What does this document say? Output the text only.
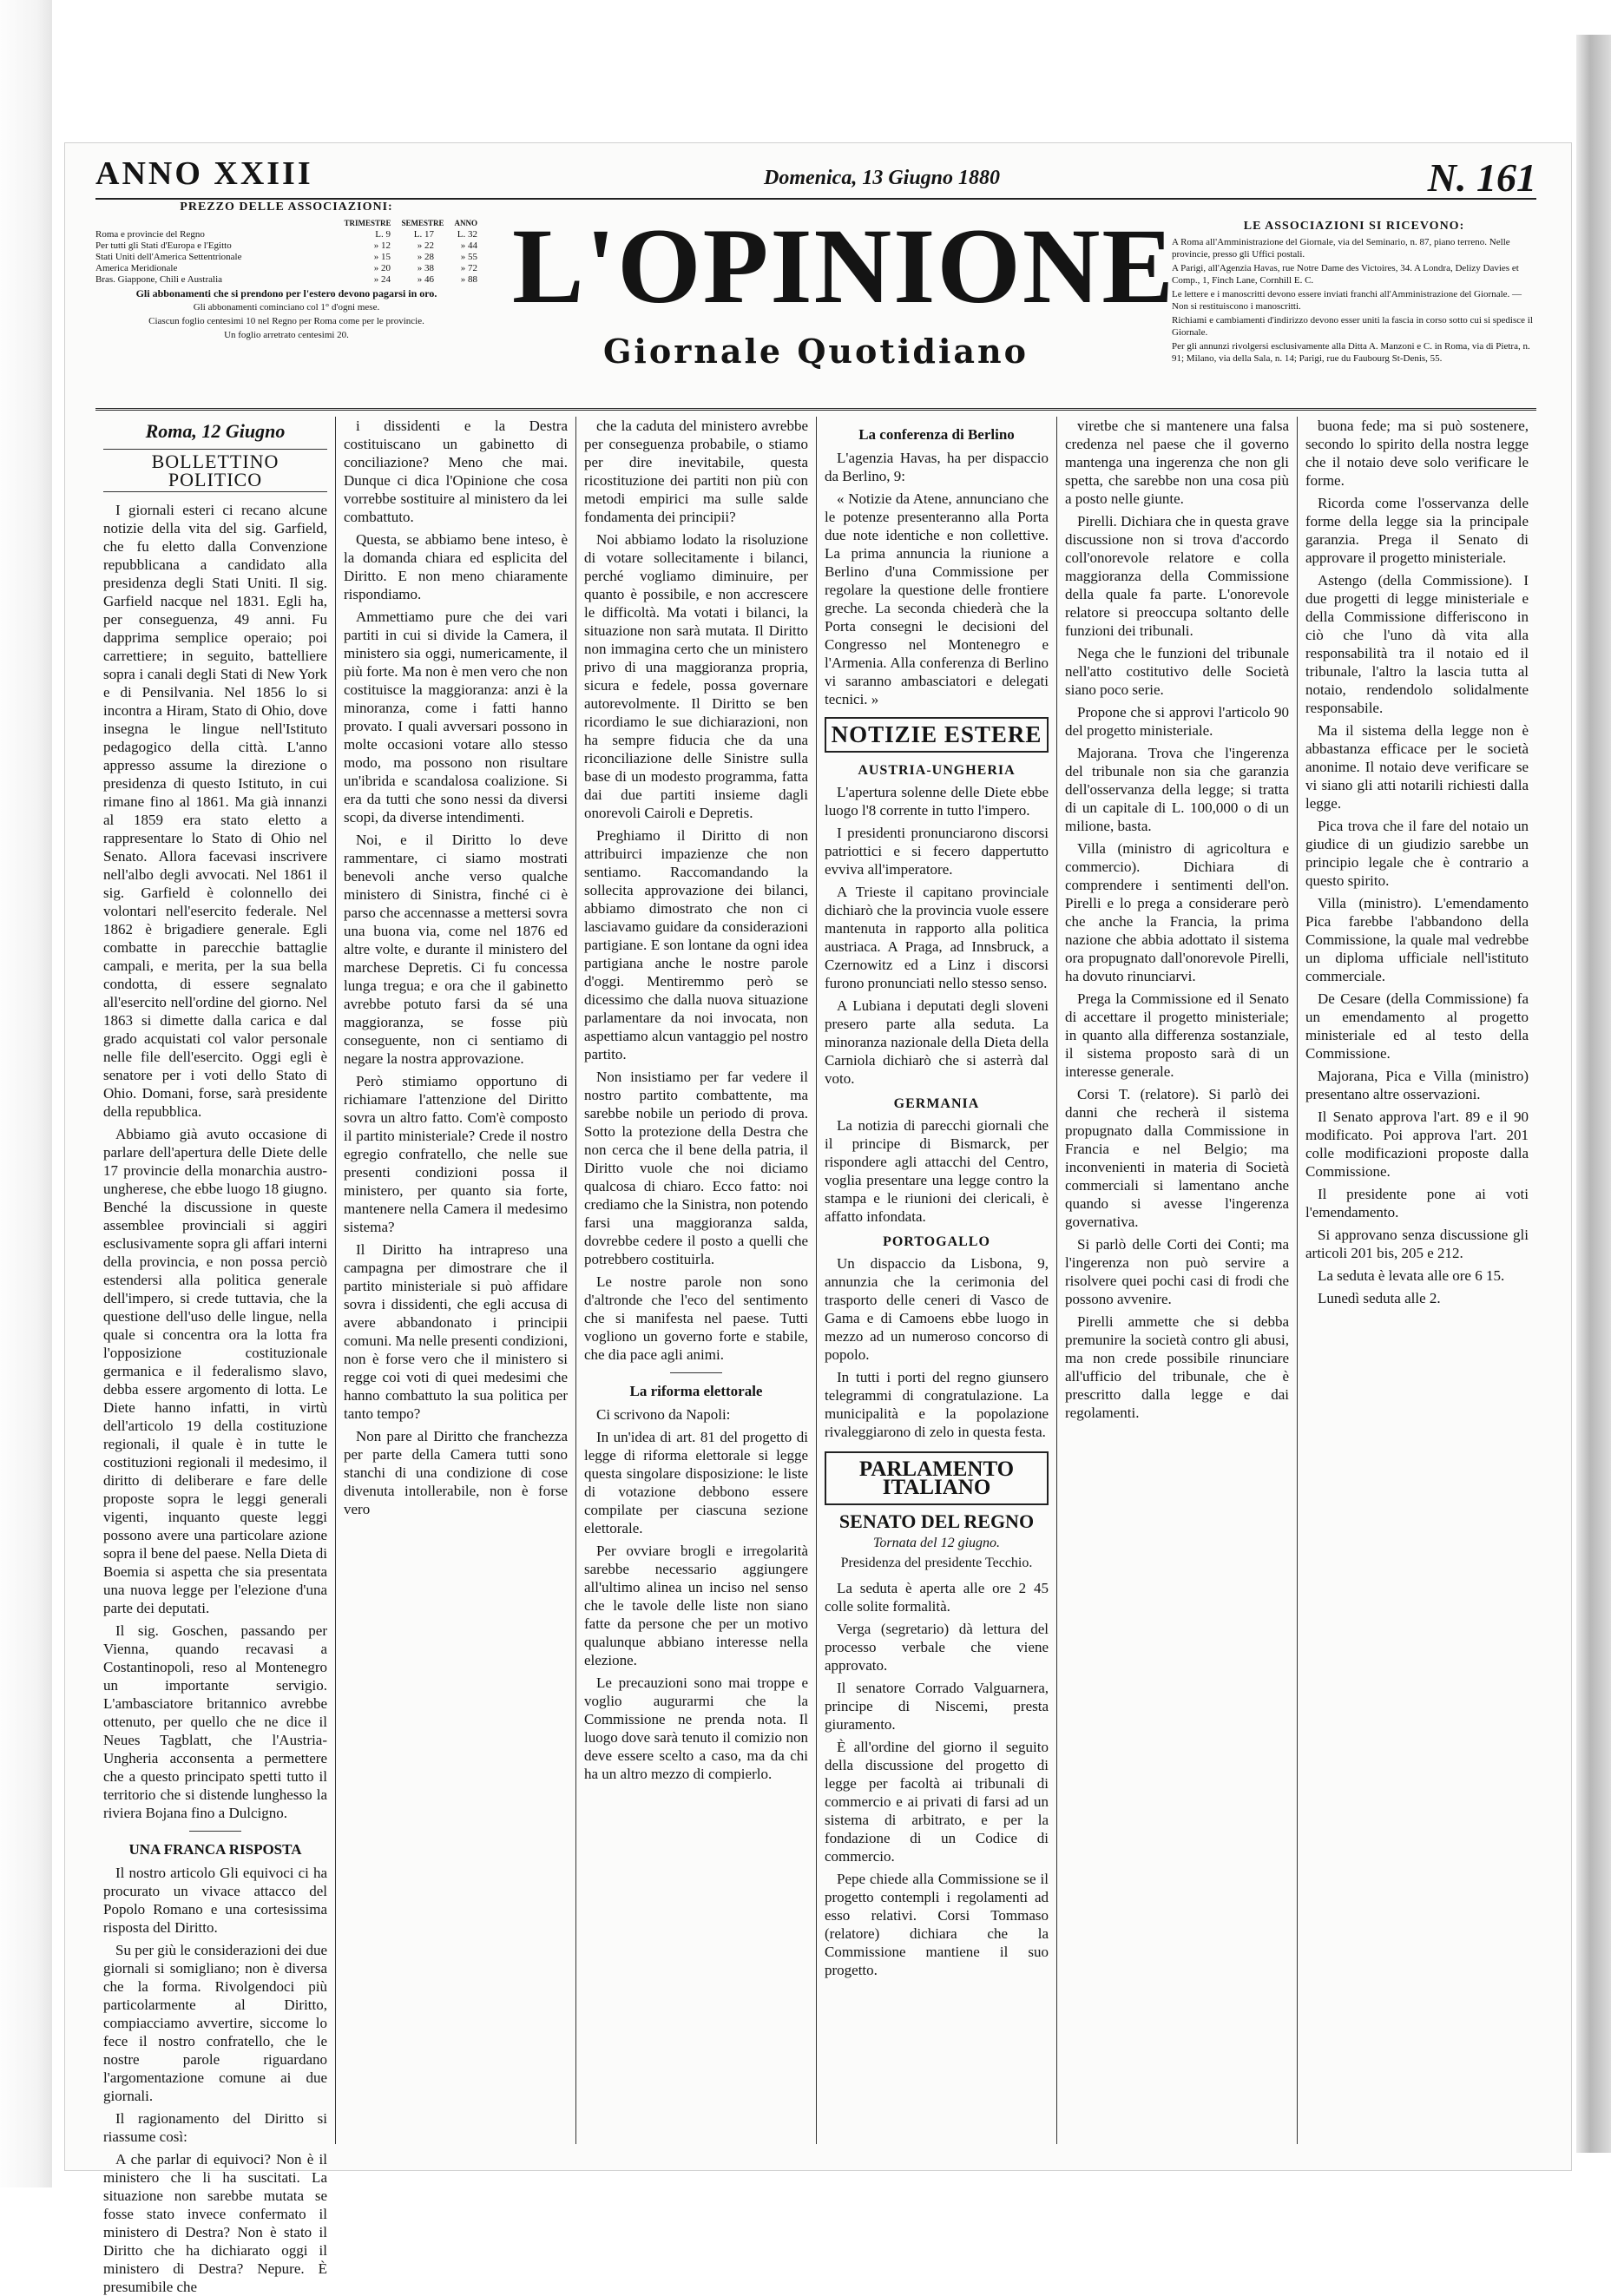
ANNO XXIII	Domenica, 13 Giugno 1880	N. 161
PREZZO DELLE ASSOCIAZIONI:
TRIMESTRE SEMESTRE ANNO
Roma e provincie del Regno	L. 9	L. 17	L. 32
Per tutti gli Stati d'Europa e l'Egitto	» 12	» 22	» 44
Stati Uniti dell'America Settentrionale	» 15	» 28	» 55
America Meridionale	» 20	» 38	» 72
Bras. Giappone, Chili e Australia	» 24	» 46	» 88

Gli abbonamenti che si prendono per l'estero devono pagarsi in oro.

Gli abbonamenti cominciano col 1° d'ogni mese.

Ciascun foglio centesimi 10 nel Regno per Roma come per le provincie.

Un foglio arretrato centesimi 20.

L'OPINIONE
Giornale Quotidiano
LE ASSOCIAZIONI SI RICEVONO:

A Roma all'Amministrazione del Giornale, via del Seminario, n. 87, piano terreno. Nelle provincie, presso gli Uffici postali.

A Parigi, all'Agenzia Havas, rue Notre Dame des Victoires, 34. A Londra, Delizy Davies et Comp., 1, Finch Lane, Cornhill E. C.

Le lettere e i manoscritti devono essere inviati franchi all'Amministrazione del Giornale. — Non si restituiscono i manoscritti.

Richiami e cambiamenti d'indirizzo devono esser uniti la fascia in corso sotto cui si spedisce il Giornale.

Per gli annunzi rivolgersi esclusivamente alla Ditta A. Manzoni e C. in Roma, via di Pietra, n. 91; Milano, via della Sala, n. 14; Parigi, rue du Faubourg St-Denis, 55.

Roma, 12 Giugno

BOLLETTINO POLITICO

I giornali esteri ci recano alcune notizie della vita del sig. Garfield, che fu eletto dalla Convenzione repubblicana a candidato alla presidenza degli Stati Uniti. Il sig. Garfield nacque nel 1831. Egli ha, per conseguenza, 49 anni. Fu dapprima semplice operaio; poi carrettiere; in seguito, battelliere sopra i canali degli Stati di New York e di Pensilvania. Nel 1856 lo si incontra a Hiram, Stato di Ohio, dove insegna le lingue nell'Istituto pedagogico della città. L'anno appresso assume la direzione o presidenza di questo Istituto, in cui rimane fino al 1861. Ma già innanzi al 1859 era stato eletto a rappresentare lo Stato di Ohio nel Senato. Allora facevasi inscrivere nell'albo degli avvocati. Nel 1861 il sig. Garfield è colonnello dei volontari nell'esercito federale. Nel 1862 è brigadiere generale. Egli combatte in parecchie battaglie campali, e merita, per la sua bella condotta, di essere segnalato all'esercito nell'ordine del giorno. Nel 1863 si dimette dalla carica e dal grado acquistati col valor personale nelle file dell'esercito. Oggi egli è senatore per i voti dello Stato di Ohio. Domani, forse, sarà presidente della repubblica.

Abbiamo già avuto occasione di parlare dell'apertura delle Diete delle 17 provincie della monarchia austro-ungherese, che ebbe luogo 18 giugno. Benché la discussione in queste assemblee provinciali si aggiri esclusivamente sopra gli affari interni della provincia, e non possa perciò estendersi alla politica generale dell'impero, si crede tuttavia, che la questione dell'uso delle lingue, nella quale si concentra ora la lotta fra l'opposizione costituzionale germanica e il federalismo slavo, debba essere argomento di lotta. Le Diete hanno infatti, in virtù dell'articolo 19 della costituzione regionali, il quale è in tutte le costituzioni regionali il medesimo, il diritto di deliberare e fare delle proposte sopra le leggi generali vigenti, inquanto queste leggi possono avere una particolare azione sopra il bene del paese. Nella Dieta di Boemia si aspetta che sia presentata una nuova legge per l'elezione d'una parte dei deputati.

Il sig. Goschen, passando per Vienna, quando recavasi a Costantinopoli, reso al Montenegro un importante servigio. L'ambasciatore britannico avrebbe ottenuto, per quello che ne dice il Neues Tagblatt, che l'Austria-Ungheria acconsenta a permettere che a questo principato spetti tutto il territorio che si distende lunghesso la riviera Bojana fino a Dulcigno.

UNA FRANCA RISPOSTA

Il nostro articolo Gli equivoci ci ha procurato un vivace attacco del Popolo Romano e una cortesissima risposta del Diritto.

Su per giù le considerazioni dei due giornali si somigliano; non è diversa che la forma. Rivolgendoci più particolarmente al Diritto, compiacciamo avvertire, siccome lo fece il nostro confratello, che le nostre parole riguardano l'argomentazione comune ai due giornali.

Il ragionamento del Diritto si riassume così:

A che parlar di equivoci? Non è il ministero che li ha suscitati. La situazione non sarebbe mutata se fosse stato invece confermato il ministero di Destra? Non è stato il Diritto che ha dichiarato oggi il ministero di Destra? Nepure. È presumibile che

i dissidenti e la Destra costituiscano un gabinetto di conciliazione? Meno che mai. Dunque ci dica l'Opinione che cosa vorrebbe sostituire al ministero da lei combattuto.

Questa, se abbiamo bene inteso, è la domanda chiara ed esplicita del Diritto. E non meno chiaramente rispondiamo.

Ammettiamo pure che dei vari partiti in cui si divide la Camera, il ministero sia oggi, numericamente, il più forte. Ma non è men vero che non costituisce la maggioranza: anzi è la minoranza, come i fatti hanno provato. I quali avversari possono in molte occasioni votare allo stesso modo, ma possono non risultare un'ibrida e scandalosa coalizione. Si era da tutti che sono nessi da diversi scopi, da diverse intendimenti.

Noi, e il Diritto lo deve rammentare, ci siamo mostrati benevoli anche verso qualche ministero di Sinistra, finché ci è parso che accennasse a mettersi sovra una buona via, come nel 1876 ed altre volte, e durante il ministero del marchese Depretis. Ci fu concessa lunga tregua; e ora che il gabinetto avrebbe potuto farsi da sé una maggioranza, se fosse più conseguente, non ci sentiamo di negare la nostra approvazione.

Però stimiamo opportuno di richiamare l'attenzione del Diritto sovra un altro fatto. Com'è composto il partito ministeriale? Crede il nostro egregio confratello, che nelle sue presenti condizioni possa il ministero, per quanto sia forte, mantenere nella Camera il medesimo sistema?

Il Diritto ha intrapreso una campagna per dimostrare che il partito ministeriale si può affidare sovra i dissidenti, che egli accusa di avere abbandonato i principii comuni. Ma nelle presenti condizioni, non è forse vero che il ministero si regge coi voti di quei medesimi che hanno combattuto la sua politica per tanto tempo?

Non pare al Diritto che franchezza per parte della Camera tutti sono stanchi di una condizione di cose divenuta intollerabile, non è forse vero

che la caduta del ministero avrebbe per conseguenza probabile, o stiamo per dire inevitabile, questa ricostituzione dei partiti non più con metodi empirici ma sulle salde fondamenta dei principii?

Noi abbiamo lodato la risoluzione di votare sollecitamente i bilanci, perché vogliamo diminuire, per quanto è possibile, e non accrescere le difficoltà. Ma votati i bilanci, la situazione non sarà mutata. Il Diritto non immagina certo che un ministero privo di una maggioranza propria, sicura e fedele, possa governare autorevolmente. Il Diritto se ben ricordiamo le sue dichiarazioni, non ha sempre fiducia che da una riconciliazione delle Sinistre sulla base di un modesto programma, fatta dai due partiti insieme dagli onorevoli Cairoli e Depretis.

Preghiamo il Diritto di non attribuirci impazienze che non sentiamo. Raccomandando la sollecita approvazione dei bilanci, abbiamo dimostrato che non ci lasciavamo guidare da considerazioni partigiane. E son lontane da ogni idea partigiana anche le nostre parole d'oggi. Mentiremmo però se dicessimo che dalla nuova situazione parlamentare da noi invocata, non aspettiamo alcun vantaggio pel nostro partito.

Non insistiamo per far vedere il nostro partito combattente, ma sarebbe nobile un periodo di prova. Sotto la protezione della Destra che non cerca che il bene della patria, il Diritto vuole che noi diciamo qualcosa di chiaro. Ecco fatto: noi crediamo che la Sinistra, non potendo farsi una maggioranza salda, dovrebbe cedere il posto a quelli che potrebbero costituirla.

Le nostre parole non sono d'altronde che l'eco del sentimento che si manifesta nel paese. Tutti vogliono un governo forte e stabile, che dia pace agli animi.

La riforma elettorale

Ci scrivono da Napoli:

In un'idea di art. 81 del progetto di legge di riforma elettorale si legge questa singolare disposizione: le liste di votazione debbono essere compilate per ciascuna sezione elettorale.

Per ovviare brogli e irregolarità sarebbe necessario aggiungere all'ultimo alinea un inciso nel senso che le tavole delle liste non siano fatte da persone che per un motivo qualunque abbiano interesse nella elezione.

Le precauzioni sono mai troppe e voglio augurarmi che la Commissione ne prenda nota. Il luogo dove sarà tenuto il comizio non deve essere scelto a caso, ma da chi ha un altro mezzo di compierlo.

La conferenza di Berlino

L'agenzia Havas, ha per dispaccio da Berlino, 9:

« Notizie da Atene, annunciano che le potenze presenteranno alla Porta due note identiche e non collettive. La prima annuncia la riunione a Berlino d'una Commissione per regolare la questione delle frontiere greche. La seconda chiederà che la Porta consegni le decisioni del Congresso nel Montenegro e l'Armenia. Alla conferenza di Berlino vi saranno ambasciatori e delegati tecnici. »

NOTIZIE ESTERE

AUSTRIA-UNGHERIA

L'apertura solenne delle Diete ebbe luogo l'8 corrente in tutto l'impero.

I presidenti pronunciarono discorsi patriottici e si fecero dappertutto evviva all'imperatore.

A Trieste il capitano provinciale dichiarò che la provincia vuole essere mantenuta in rapporto alla politica austriaca. A Praga, ad Innsbruck, a Czernowitz ed a Linz i discorsi furono pronunciati nello stesso senso.

A Lubiana i deputati degli sloveni presero parte alla seduta. La minoranza nazionale della Dieta della Carniola dichiarò che si asterrà dal voto.

GERMANIA

La notizia di parecchi giornali che il principe di Bismarck, per rispondere agli attacchi del Centro, voglia presentare una legge contro la stampa e le riunioni dei clericali, è affatto infondata.

PORTOGALLO

Un dispaccio da Lisbona, 9, annunzia che la cerimonia del trasporto delle ceneri di Vasco de Gama e di Camoens ebbe luogo in mezzo ad un numeroso concorso di popolo.

In tutti i porti del regno giunsero telegrammi di congratulazione. La municipalità e la popolazione rivaleggiarono di zelo in questa festa.

PARLAMENTO ITALIANO

SENATO DEL REGNO

Tornata del 12 giugno.

Presidenza del presidente Tecchio.

La seduta è aperta alle ore 2 45 colle solite formalità.

Verga (segretario) dà lettura del processo verbale che viene approvato.

Il senatore Corrado Valguarnera, principe di Niscemi, presta giuramento.

È all'ordine del giorno il seguito della discussione del progetto di legge per facoltà ai tribunali di commercio e ai privati di farsi ad un sistema di arbitrato, e per la fondazione di un Codice di commercio.

Pepe chiede alla Commissione se il progetto contempli i regolamenti ad esso relativi. Corsi Tommaso (relatore) dichiara che la Commissione mantiene il suo progetto.

viretbe che si mantenere una falsa credenza nel paese che il governo mantenga una ingerenza che non gli spetta, che sarebbe non una cosa più a posto nelle giunte.

Pirelli. Dichiara che in questa grave discussione non si trova d'accordo coll'onorevole relatore e colla maggioranza della Commissione della quale fa parte. L'onorevole relatore si preoccupa soltanto delle funzioni dei tribunali.

Nega che le funzioni del tribunale nell'atto costitutivo delle Società siano poco serie.

Propone che si approvi l'articolo 90 del progetto ministeriale.

Majorana. Trova che l'ingerenza del tribunale non sia che garanzia dell'osservanza della legge; si tratta di un capitale di L. 100,000 o di un milione, basta.

Villa (ministro di agricoltura e commercio). Dichiara di comprendere i sentimenti dell'on. Pirelli e lo prega a considerare però che anche la Francia, la prima nazione che abbia adottato il sistema ora propugnato dall'onorevole Pirelli, ha dovuto rinunciarvi.

Prega la Commissione ed il Senato di accettare il progetto ministeriale; in quanto alla differenza sostanziale, il sistema proposto sarà di un interesse generale.

Corsi T. (relatore). Si parlò dei danni che recherà il sistema propugnato dalla Commissione in Francia e nel Belgio; ma inconvenienti in materia di Società commerciali si lamentano anche quando si avesse l'ingerenza governativa.

Si parlò delle Corti dei Conti; ma l'ingerenza non può servire a risolvere quei pochi casi di frodi che possono avvenire.

Pirelli ammette che si debba premunire la società contro gli abusi, ma non crede possibile rinunciare all'ufficio del tribunale, che è prescritto dalla legge e dai regolamenti.

buona fede; ma si può sostenere, secondo lo spirito della nostra legge che il notaio deve solo verificare le forme.

Ricorda come l'osservanza delle forme della legge sia la principale garanzia. Prega il Senato di approvare il progetto ministeriale.

Astengo (della Commissione). I due progetti di legge ministeriale e della Commissione differiscono in ciò che l'uno dà vita alla responsabilità tra il notaio ed il tribunale, l'altro la lascia tutta al notaio, rendendolo solidalmente responsabile.

Ma il sistema della legge non è abbastanza efficace per le società anonime. Il notaio deve verificare se vi siano gli atti notarili richiesti dalla legge.

Pica trova che il fare del notaio un giudice di un giudizio sarebbe un principio legale che è contrario a questo spirito.

Villa (ministro). L'emendamento Pica farebbe l'abbandono della Commissione, la quale mal vedrebbe un diploma ufficiale nell'istituto commerciale.

De Cesare (della Commissione) fa un emendamento al progetto ministeriale ed al testo della Commissione.

Majorana, Pica e Villa (ministro) presentano altre osservazioni.

Il Senato approva l'art. 89 e il 90 modificato. Poi approva l'art. 201 colle modificazioni proposte dalla Commissione.

Il presidente pone ai voti l'emendamento.

Si approvano senza discussione gli articoli 201 bis, 205 e 212.

La seduta è levata alle ore 6 15.

Lunedì seduta alle 2.
